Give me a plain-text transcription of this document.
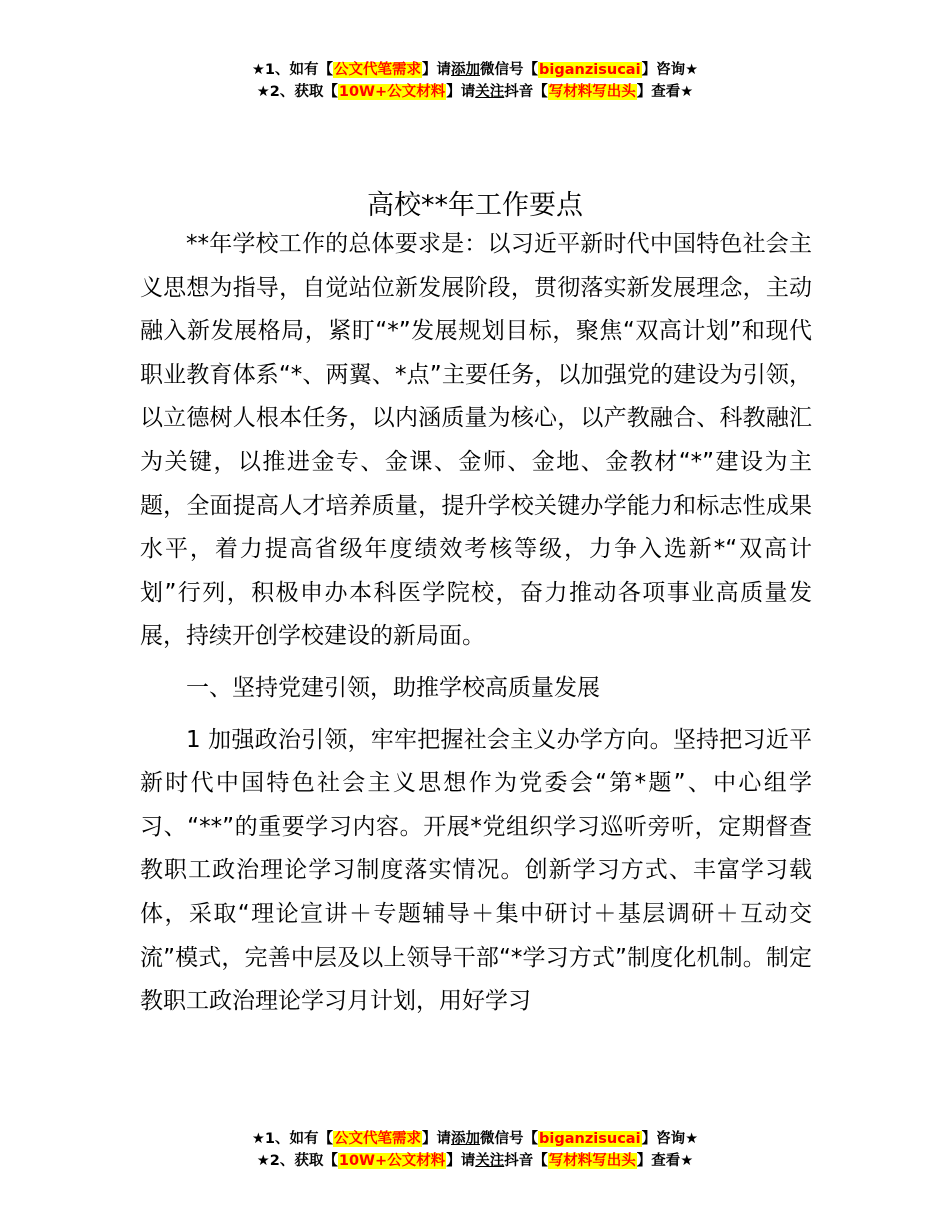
★1、如有【公文代笔需求】请添加微信号【biganzisucai】咨询★
★2、获取【10W+公文材料】请关注抖音【写材料写出头】查看★
高校**年工作要点

**年学校工作的总体要求是：以习近平新时代中国特色社会主义思想为指导，自觉站位新发展阶段，贯彻落实新发展理念，主动融入新发展格局，紧盯“*”发展规划目标，聚焦“双高计划”和现代职业教育体系“*、两翼、*点”主要任务，以加强党的建设为引领，以立德树人根本任务，以内涵质量为核心，以产教融合、科教融汇为关键，以推进金专、金课、金师、金地、金教材“*”建设为主题，全面提高人才培养质量，提升学校关键办学能力和标志性成果水平，着力提高省级年度绩效考核等级，力争入选新*“双高计划”行列，积极申办本科医学院校，奋力推动各项事业高质量发展，持续开创学校建设的新局面。

一、坚持党建引领，助推学校高质量发展

1 加强政治引领，牢牢把握社会主义办学方向。坚持把习近平新时代中国特色社会主义思想作为党委会“第*题”、中心组学习、“**”的重要学习内容。开展*党组织学习巡听旁听，定期督查教职工政治理论学习制度落实情况。创新学习方式、丰富学习载体，采取“理论宣讲＋专题辅导＋集中研讨＋基层调研＋互动交流”模式，完善中层及以上领导干部“*学习方式”制度化机制。制定教职工政治理论学习月计划，用好学习

★1、如有【公文代笔需求】请添加微信号【biganzisucai】咨询★
★2、获取【10W+公文材料】请关注抖音【写材料写出头】查看★
